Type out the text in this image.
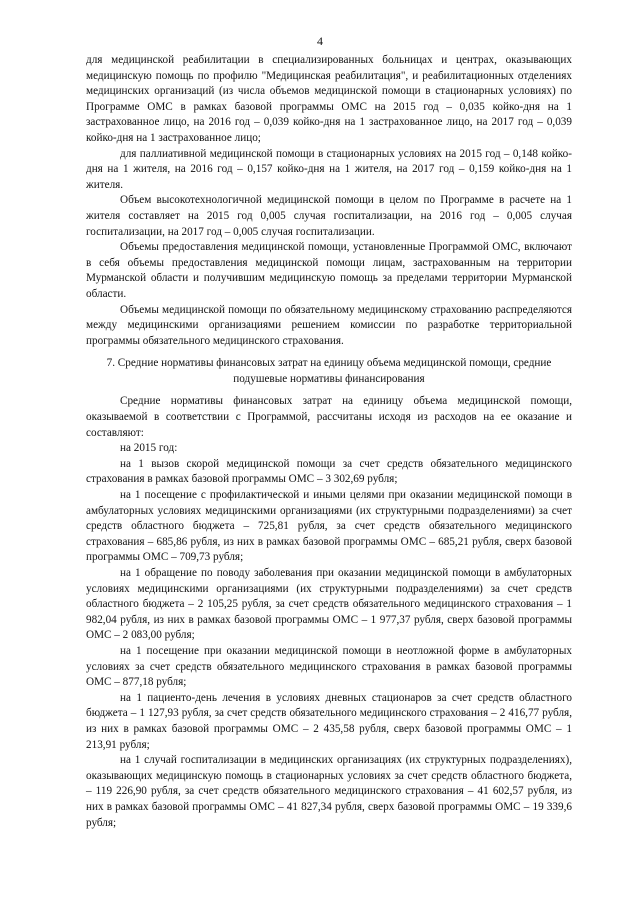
4

для медицинской реабилитации в специализированных больницах и центрах, оказывающих медицинскую помощь по профилю "Медицинская реабилитация", и реабилитационных отделениях медицинских организаций (из числа объемов медицинской помощи в стационарных условиях) по Программе ОМС в рамках базовой программы ОМС на 2015 год – 0,035 койко-дня на 1 застрахованное лицо, на 2016 год – 0,039 койко-дня на 1 застрахованное лицо, на 2017 год – 0,039 койко-дня на 1 застрахованное лицо;

для паллиативной медицинской помощи в стационарных условиях на 2015 год – 0,148 койко-дня на 1 жителя, на 2016 год – 0,157 койко-дня на 1 жителя, на 2017 год – 0,159 койко-дня на 1 жителя.

Объем высокотехнологичной медицинской помощи в целом по Программе в расчете на 1 жителя составляет на 2015 год 0,005 случая госпитализации, на 2016 год – 0,005 случая госпитализации, на 2017 год – 0,005 случая госпитализации.

Объемы предоставления медицинской помощи, установленные Программой ОМС, включают в себя объемы предоставления медицинской помощи лицам, застрахованным на территории Мурманской области и получившим медицинскую помощь за пределами территории Мурманской области.

Объемы медицинской помощи по обязательному медицинскому страхованию распределяются между медицинскими организациями решением комиссии по разработке территориальной программы обязательного медицинского страхования.

7. Средние нормативы финансовых затрат на единицу объема медицинской помощи, средние подушевые нормативы финансирования

Средние нормативы финансовых затрат на единицу объема медицинской помощи, оказываемой в соответствии с Программой, рассчитаны исходя из расходов на ее оказание и составляют:

на 2015 год:

на 1 вызов скорой медицинской помощи за счет средств обязательного медицинского страхования в рамках базовой программы ОМС – 3 302,69 рубля;

на 1 посещение с профилактической и иными целями при оказании медицинской помощи в амбулаторных условиях медицинскими организациями (их структурными подразделениями) за счет средств областного бюджета – 725,81 рубля, за счет средств обязательного медицинского страхования – 685,86 рубля, из них в рамках базовой программы ОМС – 685,21 рубля, сверх базовой программы ОМС – 709,73 рубля;

на 1 обращение по поводу заболевания при оказании медицинской помощи в амбулаторных условиях медицинскими организациями (их структурными подразделениями) за счет средств областного бюджета – 2 105,25 рубля, за счет средств обязательного медицинского страхования – 1 982,04 рубля, из них в рамках базовой программы ОМС – 1 977,37 рубля, сверх базовой программы ОМС – 2 083,00 рубля;

на 1 посещение при оказании медицинской помощи в неотложной форме в амбулаторных условиях за счет средств обязательного медицинского страхования в рамках базовой программы ОМС – 877,18 рубля;

на 1 пациенто-день лечения в условиях дневных стационаров за счет средств областного бюджета – 1 127,93 рубля, за счет средств обязательного медицинского страхования – 2 416,77 рубля, из них в рамках базовой программы ОМС – 2 435,58 рубля, сверх базовой программы ОМС – 1 213,91 рубля;

на 1 случай госпитализации в медицинских организациях (их структурных подразделениях), оказывающих медицинскую помощь в стационарных условиях за счет средств областного бюджета, – 119 226,90 рубля, за счет средств обязательного медицинского страхования – 41 602,57 рубля, из них в рамках базовой программы ОМС – 41 827,34 рубля, сверх базовой программы ОМС – 19 339,6 рубля;
